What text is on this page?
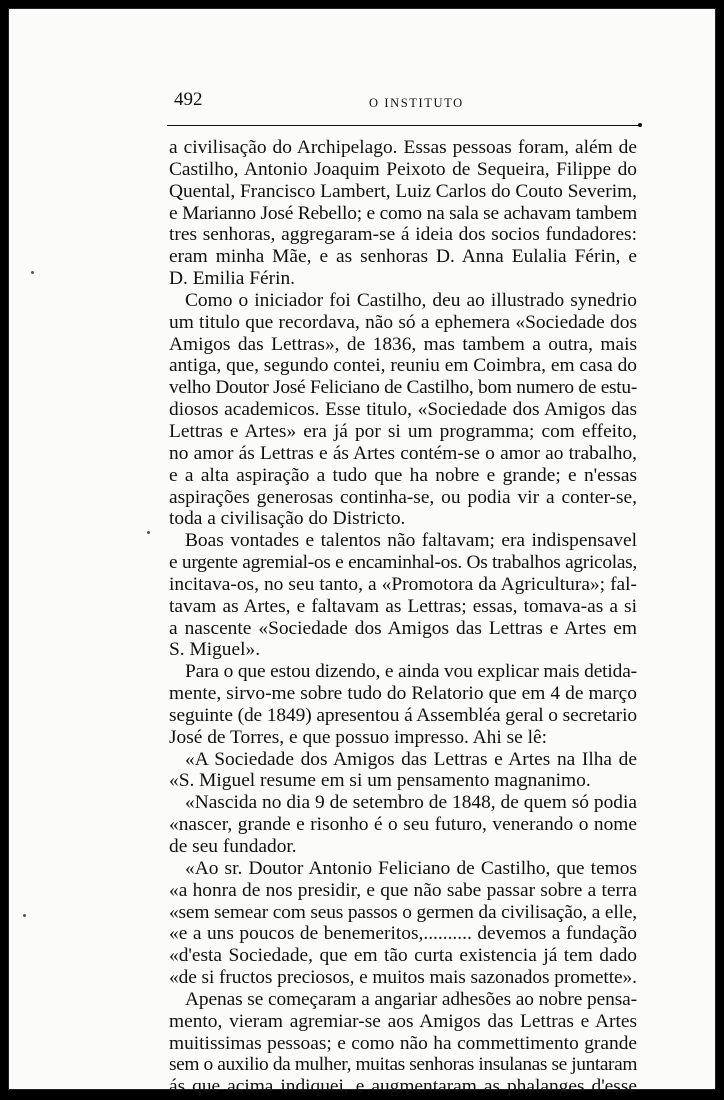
492	O INSTITUTO
a civilisação do Archipelago. Essas pessoas foram, além de
Castilho, Antonio Joaquim Peixoto de Sequeira, Filippe do
Quental, Francisco Lambert, Luiz Carlos do Couto Severim,
e Marianno José Rebello; e como na sala se achavam tambem
tres senhoras, aggregaram-se á ideia dos socios fundadores:
eram minha Mãe, e as senhoras D. Anna Eulalia Férin, e
D. Emilia Férin.
Como o iniciador foi Castilho, deu ao illustrado synedrio
um titulo que recordava, não só a ephemera «Sociedade dos
Amigos das Lettras», de 1836, mas tambem a outra, mais
antiga, que, segundo contei, reuniu em Coimbra, em casa do
velho Doutor José Feliciano de Castilho, bom numero de estu-
diosos academicos. Esse titulo, «Sociedade dos Amigos das
Lettras e Artes» era já por si um programma; com effeito,
no amor ás Lettras e ás Artes contém-se o amor ao trabalho,
e a alta aspiração a tudo que ha nobre e grande; e n'essas
aspirações generosas continha-se, ou podia vir a conter-se,
toda a civilisação do Districto.
Boas vontades e talentos não faltavam; era indispensavel
e urgente agremial-os e encaminhal-os. Os trabalhos agricolas,
incitava-os, no seu tanto, a «Promotora da Agricultura»; fal-
tavam as Artes, e faltavam as Lettras; essas, tomava-as a si
a nascente «Sociedade dos Amigos das Lettras e Artes em
S. Miguel».
Para o que estou dizendo, e ainda vou explicar mais detida-
mente, sirvo-me sobre tudo do Relatorio que em 4 de março
seguinte (de 1849) apresentou á Assembléa geral o secretario
José de Torres, e que possuo impresso. Ahi se lê:
«A Sociedade dos Amigos das Lettras e Artes na Ilha de
«S. Miguel resume em si um pensamento magnanimo.
«Nascida no dia 9 de setembro de 1848, de quem só podia
«nascer, grande e risonho é o seu futuro, venerando o nome
de seu fundador.
«Ao sr. Doutor Antonio Feliciano de Castilho, que temos
«a honra de nos presidir, e que não sabe passar sobre a terra
«sem semear com seus passos o germen da civilisação, a elle,
«e a uns poucos de benemeritos,.......... devemos a fundação
«d'esta Sociedade, que em tão curta existencia já tem dado
«de si fructos preciosos, e muitos mais sazonados promette».
Apenas se começaram a angariar adhesões ao nobre pensa-
mento, vieram agremiar-se aos Amigos das Lettras e Artes
muitissimas pessoas; e como não ha commettimento grande
sem o auxilio da mulher, muitas senhoras insulanas se juntaram
ás que acima indiquei, e augmentaram as phalanges d'esse
